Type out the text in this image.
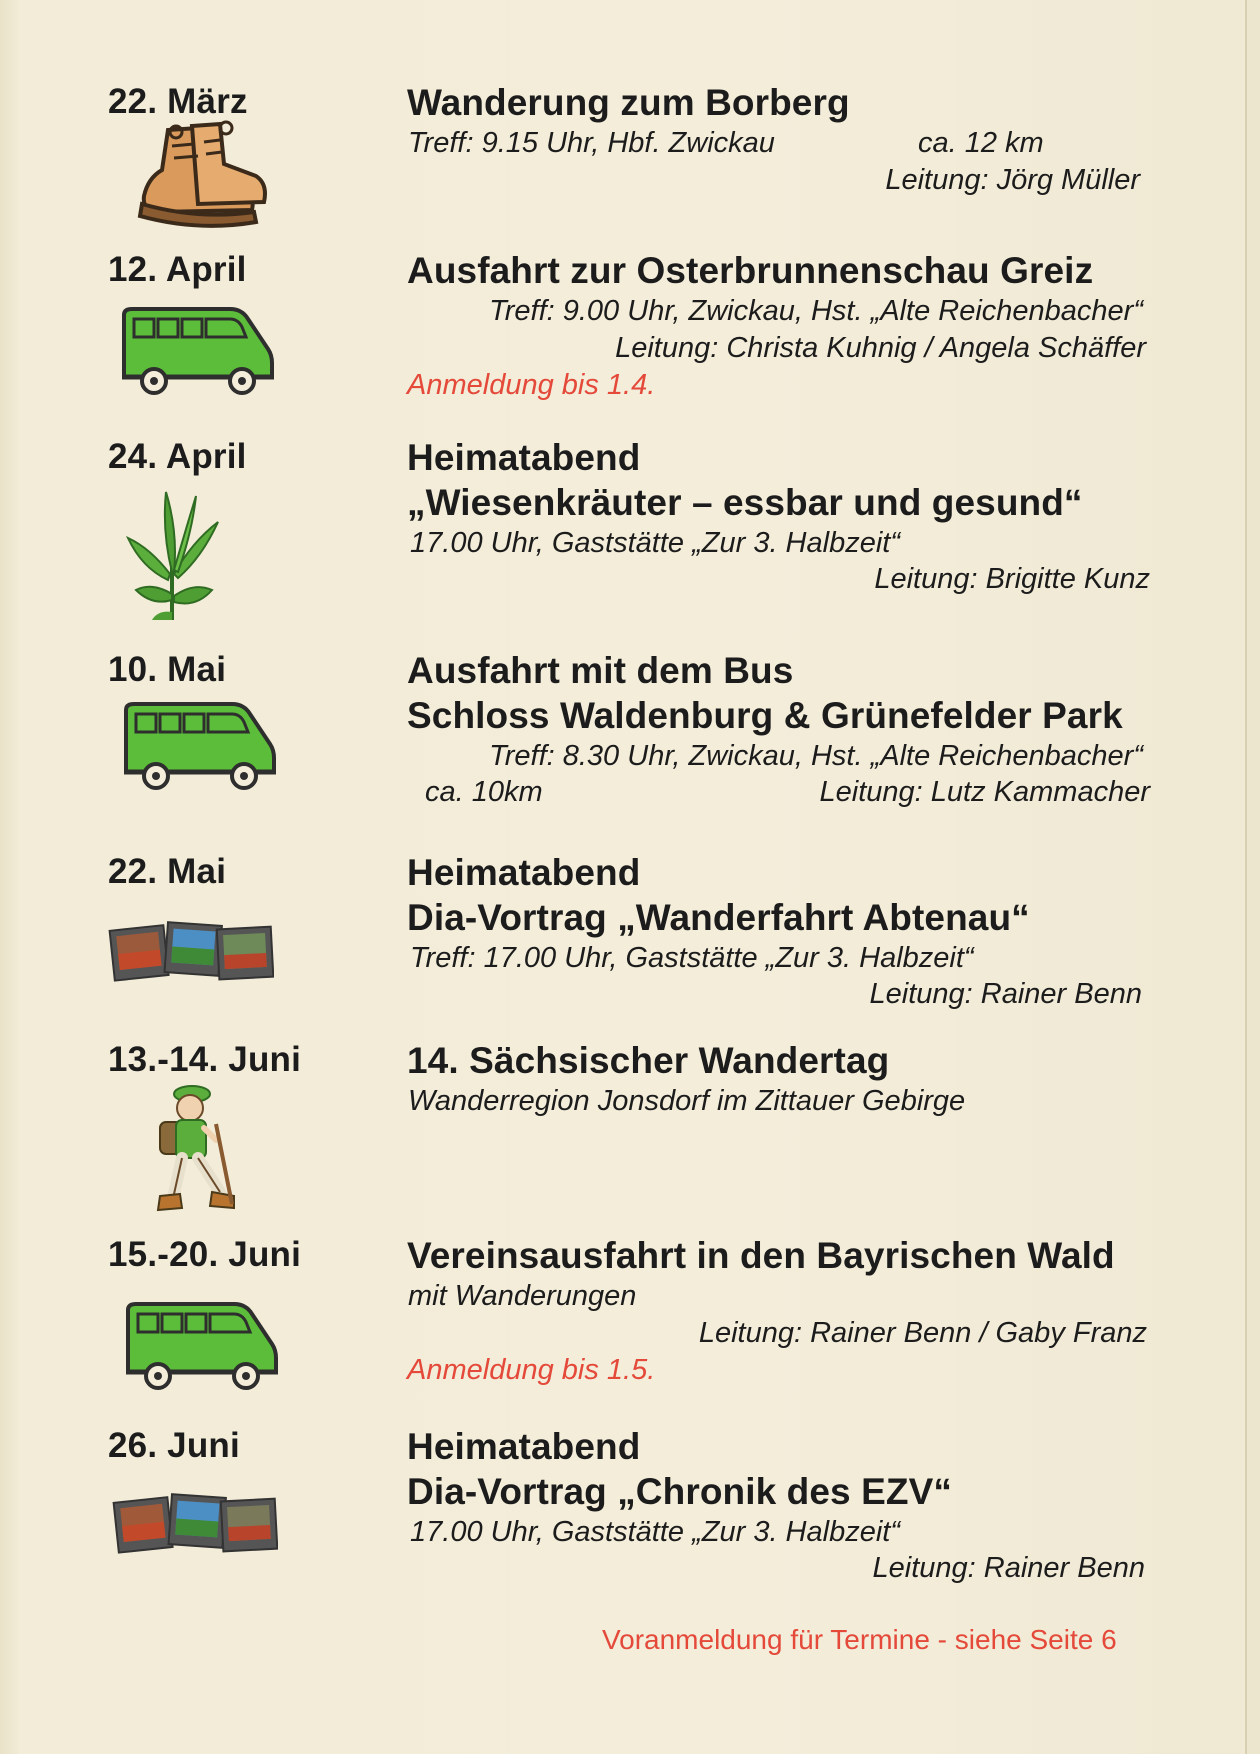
22. März	Wanderung zum Borberg
Treff: 9.15 Uhr, Hbf. Zwickau	ca. 12 km
Leitung: Jörg Müller
12. April	Ausfahrt zur Osterbrunnenschau Greiz
Treff: 9.00 Uhr, Zwickau, Hst. „Alte Reichenbacher“
Leitung: Christa Kuhnig / Angela Schäffer
Anmeldung bis 1.4.
24. April	Heimatabend
„Wiesenkräuter – essbar und gesund“
17.00 Uhr, Gaststätte „Zur 3. Halbzeit“
Leitung: Brigitte Kunz
10. Mai	Ausfahrt mit dem Bus
Schloss Waldenburg & Grünefelder Park
Treff: 8.30 Uhr, Zwickau, Hst. „Alte Reichenbacher“
ca. 10km	Leitung: Lutz Kammacher
22. Mai	Heimatabend
Dia-Vortrag „Wanderfahrt Abtenau“
Treff: 17.00 Uhr, Gaststätte „Zur 3. Halbzeit“
Leitung: Rainer Benn
13.-14. Juni	14. Sächsischer Wandertag
Wanderregion Jonsdorf im Zittauer Gebirge
15.-20. Juni	Vereinsausfahrt in den Bayrischen Wald
mit Wanderungen
Leitung: Rainer Benn / Gaby Franz
Anmeldung bis 1.5.
26. Juni	Heimatabend
Dia-Vortrag „Chronik des EZV“
17.00 Uhr, Gaststätte „Zur 3. Halbzeit“
Leitung: Rainer Benn
Voranmeldung für Termine - siehe Seite 6
